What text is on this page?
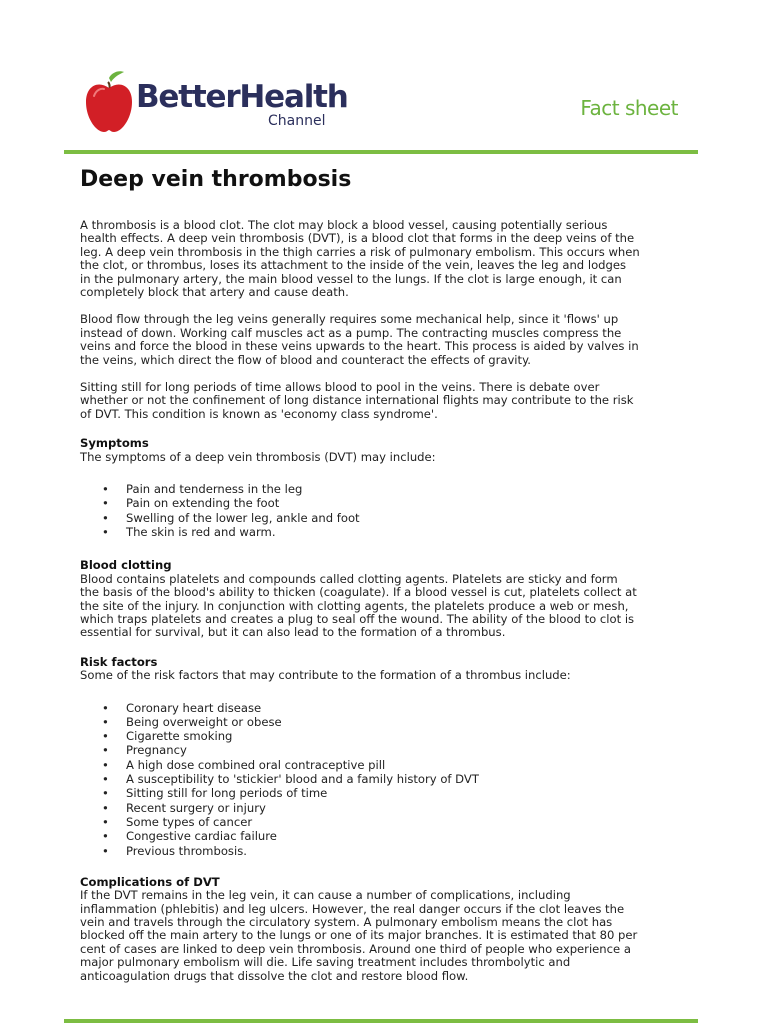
BetterHealth
Channel
Fact sheet
Deep vein thrombosis

A thrombosis is a blood clot. The clot may block a blood vessel, causing potentially serious health effects. A deep vein thrombosis (DVT), is a blood clot that forms in the deep veins of the leg. A deep vein thrombosis in the thigh carries a risk of pulmonary embolism. This occurs when the clot, or thrombus, loses its attachment to the inside of the vein, leaves the leg and lodges in the pulmonary artery, the main blood vessel to the lungs. If the clot is large enough, it can completely block that artery and cause death.

Blood flow through the leg veins generally requires some mechanical help, since it 'flows' up instead of down. Working calf muscles act as a pump. The contracting muscles compress the veins and force the blood in these veins upwards to the heart. This process is aided by valves in the veins, which direct the flow of blood and counteract the effects of gravity.

Sitting still for long periods of time allows blood to pool in the veins. There is debate over whether or not the confinement of long distance international flights may contribute to the risk of DVT. This condition is known as 'economy class syndrome'.

Symptoms

The symptoms of a deep vein thrombosis (DVT) may include:

• Pain and tenderness in the leg
• Pain on extending the foot
• Swelling of the lower leg, ankle and foot
• The skin is red and warm.
Blood clotting

Blood contains platelets and compounds called clotting agents. Platelets are sticky and form the basis of the blood's ability to thicken (coagulate). If a blood vessel is cut, platelets collect at the site of the injury. In conjunction with clotting agents, the platelets produce a web or mesh, which traps platelets and creates a plug to seal off the wound. The ability of the blood to clot is essential for survival, but it can also lead to the formation of a thrombus.

Risk factors

Some of the risk factors that may contribute to the formation of a thrombus include:

• Coronary heart disease
• Being overweight or obese
• Cigarette smoking
• Pregnancy
• A high dose combined oral contraceptive pill
• A susceptibility to 'stickier' blood and a family history of DVT
• Sitting still for long periods of time
• Recent surgery or injury
• Some types of cancer
• Congestive cardiac failure
• Previous thrombosis.
Complications of DVT

If the DVT remains in the leg vein, it can cause a number of complications, including inflammation (phlebitis) and leg ulcers. However, the real danger occurs if the clot leaves the vein and travels through the circulatory system. A pulmonary embolism means the clot has blocked off the main artery to the lungs or one of its major branches. It is estimated that 80 per cent of cases are linked to deep vein thrombosis. Around one third of people who experience a major pulmonary embolism will die. Life saving treatment includes thrombolytic and anticoagulation drugs that dissolve the clot and restore blood flow.
